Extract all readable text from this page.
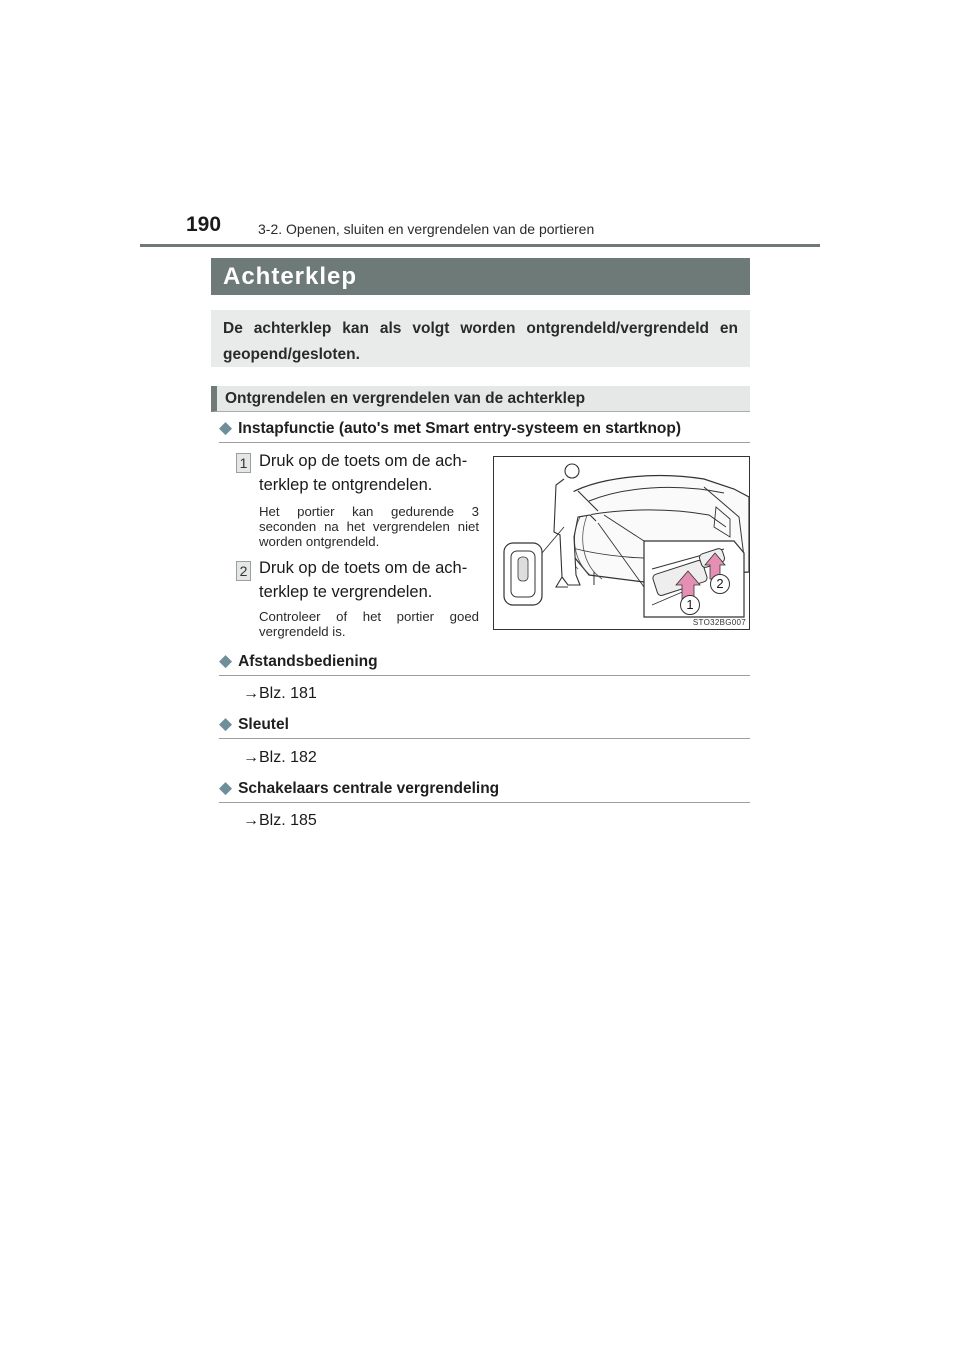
190	3-2. Openen, sluiten en vergrendelen van de portieren
Achterklep
De achterklep kan als volgt worden ontgrendeld/vergrendeld en geopend/gesloten.
Ontgrendelen en vergrendelen van de achterklep
◆ Instapfunctie (auto's met Smart entry-systeem en startknop)
1 Druk op de toets om de ach-terklep te ontgrendelen.
Het portier kan gedurende 3 seconden na het vergrendelen niet worden ontgrendeld.
2 Druk op de toets om de ach-terklep te vergrendelen.
Controleer of het portier goed vergrendeld is.
1
2
STO32BG007
◆ Afstandsbediening
→Blz. 181
◆ Sleutel
→Blz. 182
◆ Schakelaars centrale vergrendeling
→Blz. 185
